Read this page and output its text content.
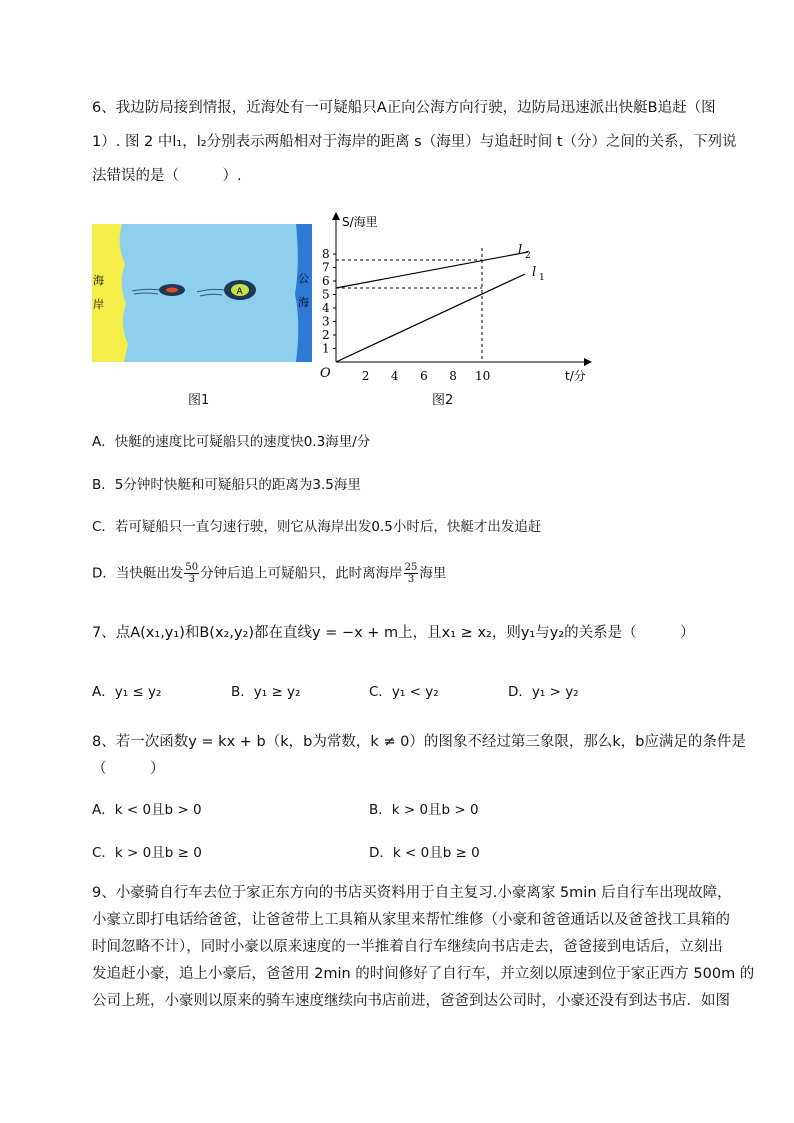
6、我边防局接到情报，近海处有一可疑船只A正向公海方向行驶，边防局迅速派出快艇B追赶（图
1）. 图 2 中l₁，l₂分别表示两船相对于海岸的距离 s（海里）与追赶时间 t（分）之间的关系，下列说
法错误的是（　　　）.
海
岸
公
海
A
图1
1
2
3
4
5
6
7
8
2 4 6 8 10
l 2
l 1
S/海里
t/分
O
图2
A．快艇的速度比可疑船只的速度快0.3海里/分
B．5分钟时快艇和可疑船只的距离为3.5海里
C．若可疑船只一直匀速行驶，则它从海岸出发0.5小时后，快艇才出发追赶
D．当快艇出发 $\frac{50}{3}$ 分钟后追上可疑船只，此时离海岸 $\frac{25}{3}$ 海里
7、点A(x₁,y₁)和B(x₂,y₂)都在直线y = −x + m上，且x₁ ≥ x₂，则y₁与y₂的关系是（　　　）
A．y₁ ≤ y₂	B．y₁ ≥ y₂	C．y₁ < y₂	D．y₁ > y₂
8、若一次函数y = kx + b（k，b为常数，k ≠ 0）的图象不经过第三象限，那么k，b应满足的条件是
（　　　）
A．k < 0且b > 0	B．k > 0且b > 0
C．k > 0且b ≥ 0	D．k < 0且b ≥ 0
9、小豪骑自行车去位于家正东方向的书店买资料用于自主复习.小豪离家 5min 后自行车出现故障，
小豪立即打电话给爸爸，让爸爸带上工具箱从家里来帮忙维修（小豪和爸爸通话以及爸爸找工具箱的
时间忽略不计），同时小豪以原来速度的一半推着自行车继续向书店走去，爸爸接到电话后，立刻出
发追赶小豪，追上小豪后，爸爸用 2min 的时间修好了自行车，并立刻以原速到位于家正西方 500m 的
公司上班，小豪则以原来的骑车速度继续向书店前进，爸爸到达公司时，小豪还没有到达书店．如图
